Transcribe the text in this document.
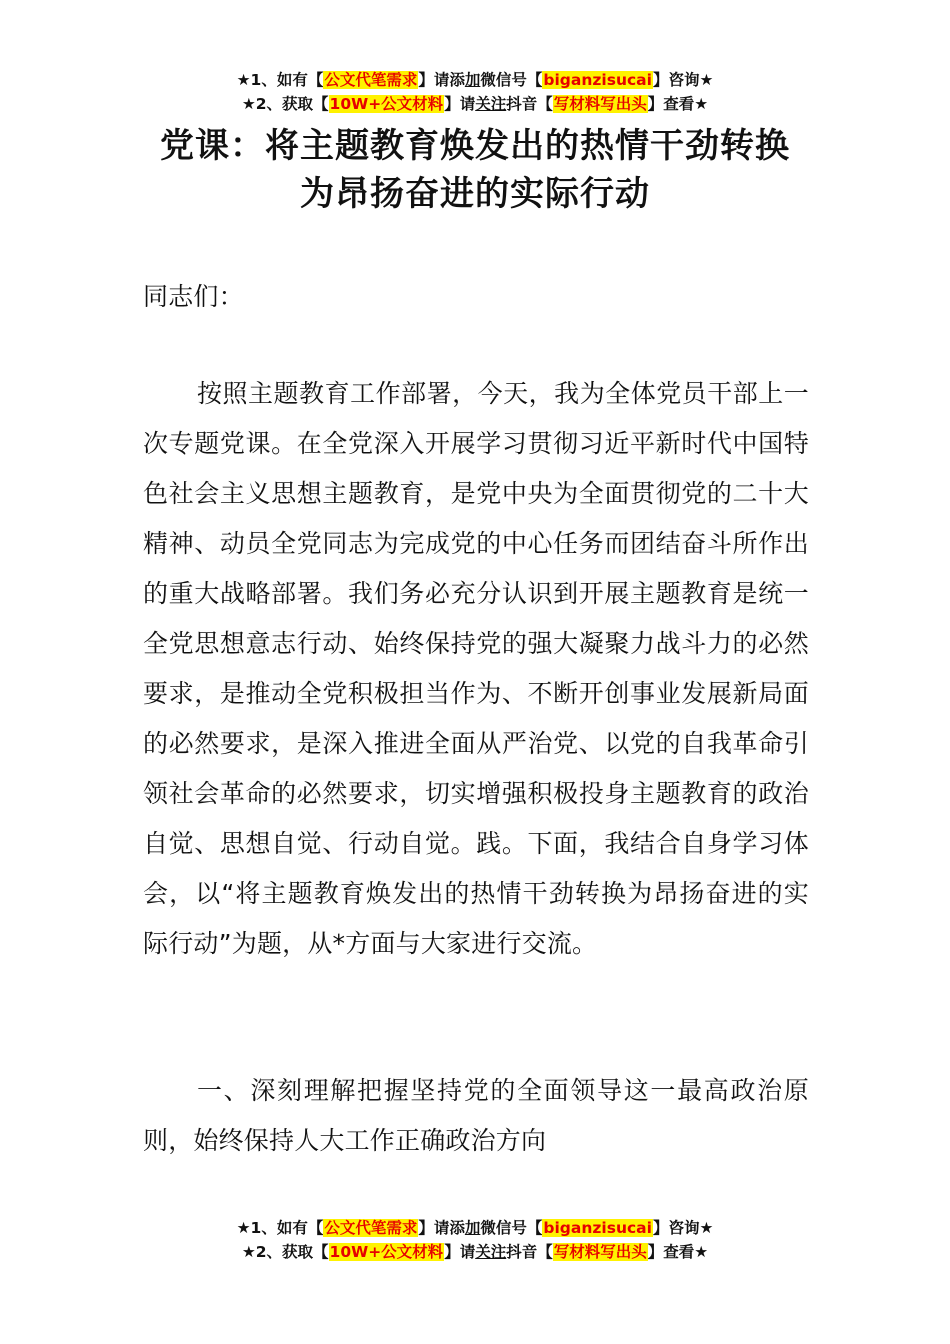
★1、如有【公文代笔需求】请添加微信号【biganzisucai】咨询★
★2、获取【10W+公文材料】请关注抖音【写材料写出头】查看★
党课：将主题教育焕发出的热情干劲转换
为昂扬奋进的实际行动

同志们：

按照主题教育工作部署，今天，我为全体党员干部上一次专题党课。在全党深入开展学习贯彻习近平新时代中国特色社会主义思想主题教育，是党中央为全面贯彻党的二十大精神、动员全党同志为完成党的中心任务而团结奋斗所作出的重大战略部署。我们务必充分认识到开展主题教育是统一全党思想意志行动、始终保持党的强大凝聚力战斗力的必然要求，是推动全党积极担当作为、不断开创事业发展新局面的必然要求，是深入推进全面从严治党、以党的自我革命引领社会革命的必然要求，切实增强积极投身主题教育的政治自觉、思想自觉、行动自觉。践。下面，我结合自身学习体会，以“将主题教育焕发出的热情干劲转换为昂扬奋进的实际行动”为题，从*方面与大家进行交流。

一、深刻理解把握坚持党的全面领导这一最高政治原则，始终保持人大工作正确政治方向

★1、如有【公文代笔需求】请添加微信号【biganzisucai】咨询★
★2、获取【10W+公文材料】请关注抖音【写材料写出头】查看★
